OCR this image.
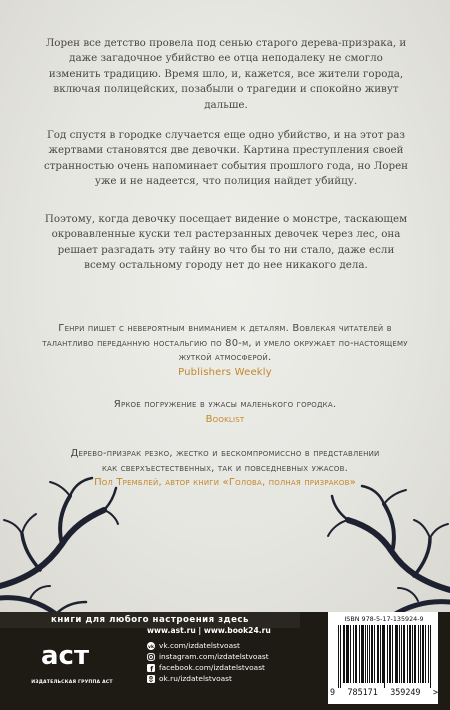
Лорен все детство провела под сенью старого дерева-призрака, и даже загадочное убийство ее отца неподалеку не смогло изменить традицию. Время шло, и, кажется, все жители города, включая полицейских, позабыли о трагедии и спокойно живут дальше.

Год спустя в городке случается еще одно убийство, и на этот раз жертвами становятся две девочки. Картина преступления своей странностью очень напоминает события прошлого года, но Лорен уже и не надеется, что полиция найдет убийцу.

Поэтому, когда девочку посещает видение о монстре, таскающем окровавленные куски тел растерзанных девочек через лес, она решает разгадать эту тайну во что бы то ни стало, даже если всему остальному городу нет до нее никакого дела.

Генри пишет с невероятным вниманием к деталям. Вовлекая читателей в талантливо переданную ностальгию по 80-м, и умело окружает по-настоящему жуткой атмосферой.
Publishers Weekly
Яркое погружение в ужасы маленького городка.
Booklist
Дерево-призрак резко, жестко и бескомпромиссно в представлении как сверхъестественных, так и повседневных ужасов.
Пол Тремблей, автор книги «Голова, полная призраков»
книги для любого настроения здесь
аст
ИЗДАТЕЛЬСКАЯ ГРУППА АСТ
www.ast.ru | www.book24.ru
vk vk.com/izdatelstvoast
instagram.com/izdatelstvoast
f facebook.com/izdatelstvoast
ok.ru/izdatelstvoast
ISBN 978-5-17-135924-9
9 785171 359249 >
